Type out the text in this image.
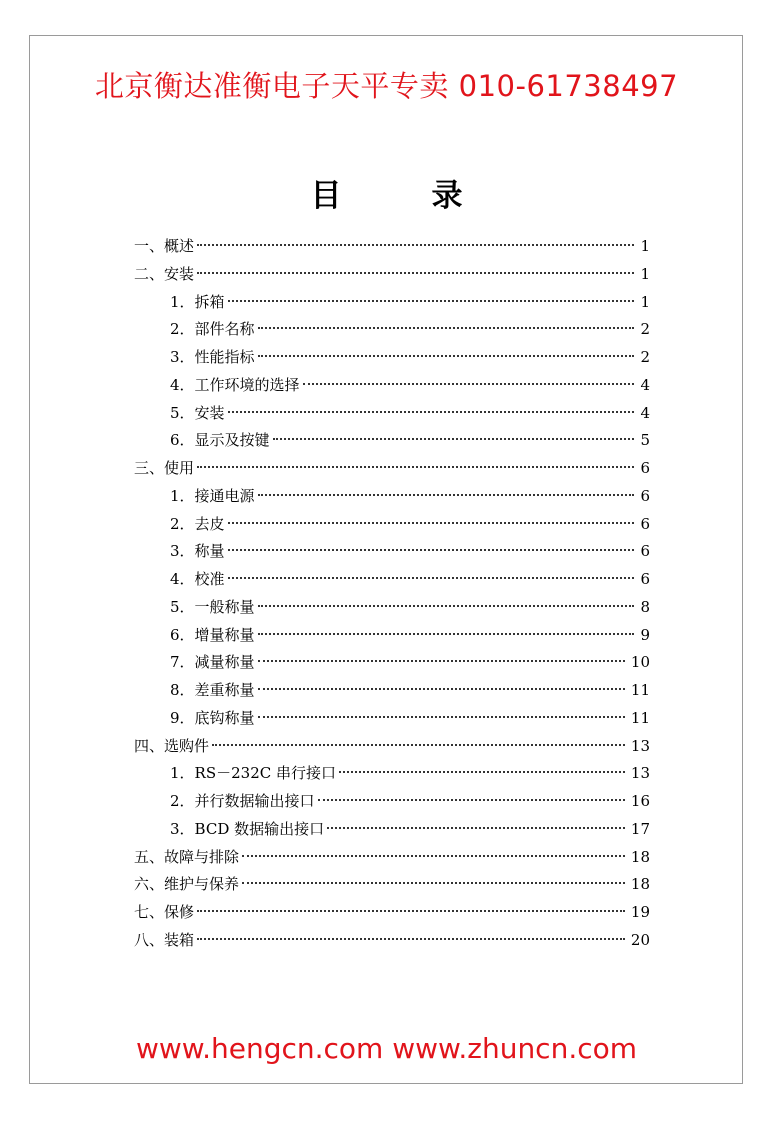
北京衡达准衡电子天平专卖 010-61738497
目	录
一、概述	1
二、安装	1
1．拆箱	1
2．部件名称	2
3．性能指标	2
4．工作环境的选择	4
5．安装	4
6．显示及按键	5
三、使用	6
1．接通电源	6
2．去皮	6
3．称量	6
4．校准	6
5．一般称量	8
6．增量称量	9
7．减量称量	10
8．差重称量	11
9．底钩称量	11
四、选购件	13
1．RS－232C 串行接口	13
2．并行数据输出接口	16
3．BCD 数据输出接口	17
五、故障与排除	18
六、维护与保养	18
七、保修	19
八、装箱	20
www.hengcn.com www.zhuncn.com
